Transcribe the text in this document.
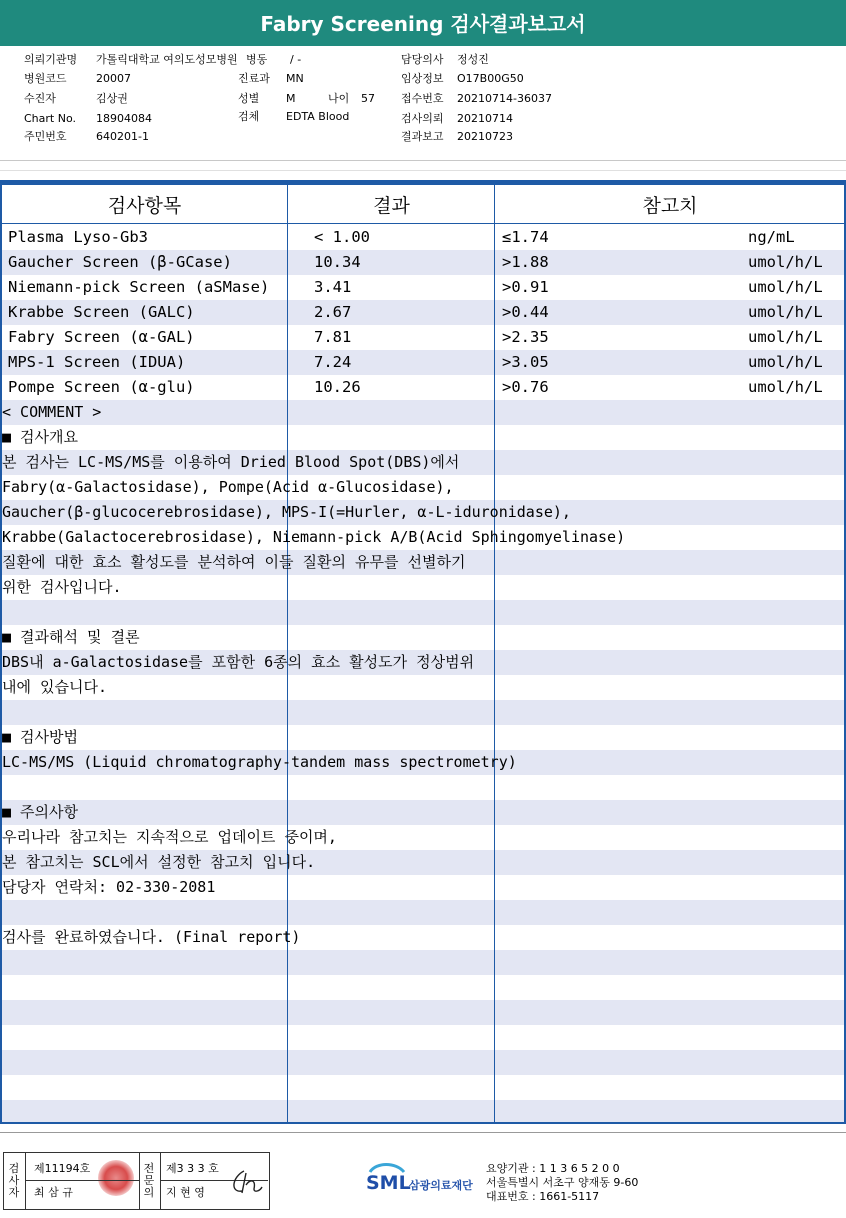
Fabry Screening 검사결과보고서
의뢰기관명 가톨릭대학교 여의도성모병원 병동 / -	담당의사 정성진
병원코드	20007	진료과 MN	임상정보 O17B00G50
수진자	김상권	성별 M	나이 57 접수번호 20210714-36037
Chart No. 18904084	검체 EDTA Blood	검사의뢰 20210714
주민번호	640201-1	결과보고 20210723
검사항목	결과	참고치
Plasma Lyso-Gb3	< 1.00	≤1.74	ng/mL
Gaucher Screen (β-GCase)	10.34	>1.88	umol/h/L
Niemann-pick Screen (aSMase)	3.41	>0.91	umol/h/L
Krabbe Screen (GALC)	2.67	>0.44	umol/h/L
Fabry Screen (α-GAL)	7.81	>2.35	umol/h/L
MPS-1 Screen (IDUA)	7.24	>3.05	umol/h/L
Pompe Screen (α-glu)	10.26	>0.76	umol/h/L
< COMMENT >
■ 검사개요
본 검사는 LC-MS/MS를 이용하여 Dried Blood Spot(DBS)에서
Fabry(α-Galactosidase), Pompe(Acid α-Glucosidase),
Gaucher(β-glucocerebrosidase), MPS-I(=Hurler, α-L-iduronidase),
Krabbe(Galactocerebrosidase), Niemann-pick A/B(Acid Sphingomyelinase)
질환에 대한 효소 활성도를 분석하여 이들 질환의 유무를 선별하기
위한 검사입니다.
■ 결과해석 및 결론
DBS내 a-Galactosidase를 포함한 6종의 효소 활성도가 정상범위
내에 있습니다.
■ 검사방법
LC-MS/MS (Liquid chromatography-tandem mass spectrometry)
■ 주의사항
우리나라 참고치는 지속적으로 업데이트 중이며,
본 참고치는 SCL에서 설정한 참고치 입니다.
담당자 연락처: 02-330-2081
검사를 완료하였습니다. (Final report)
검사자
제11194호
최 삼 규
전문의
제3 3 3 호
지 현 영	SML
삼광의료재단
요양기관 : 1 1 3 6 5 2 0 0
서울특별시 서초구 양재동 9-60
대표번호 : 1661-5117
